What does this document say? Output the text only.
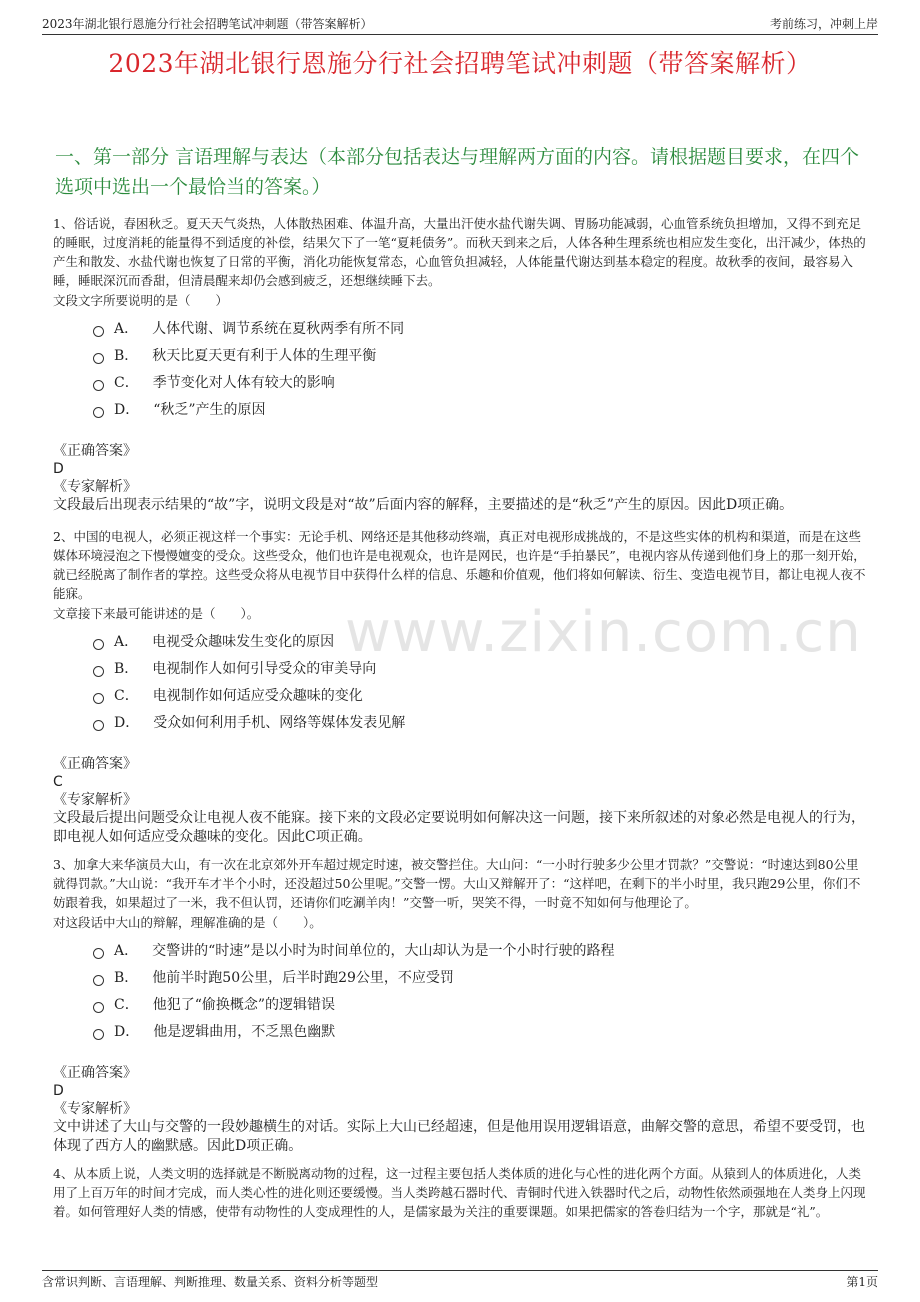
2023年湖北银行恩施分行社会招聘笔试冲刺题（带答案解析）	考前练习，冲刺上岸
2023年湖北银行恩施分行社会招聘笔试冲刺题（带答案解析）
一、第一部分 言语理解与表达（本部分包括表达与理解两方面的内容。请根据题目要求，在四个选项中选出一个最恰当的答案。）
www.zixin.com.cn
1、俗话说，春困秋乏。夏天天气炎热，人体散热困难、体温升高，大量出汗使水盐代谢失调、胃肠功能减弱，心血管系统负担增加，又得不到充足的睡眠，过度消耗的能量得不到适度的补偿，结果欠下了一笔“夏耗债务”。而秋天到来之后，人体各种生理系统也相应发生变化，出汗减少，体热的产生和散发、水盐代谢也恢复了日常的平衡，消化功能恢复常态，心血管负担减轻，人体能量代谢达到基本稳定的程度。故秋季的夜间，最容易入睡，睡眠深沉而香甜，但清晨醒来却仍会感到疲乏，还想继续睡下去。
文段文字所要说明的是（　　）
A． 人体代谢、调节系统在夏秋两季有所不同
B． 秋天比夏天更有利于人体的生理平衡
C． 季节变化对人体有较大的影响
D． “秋乏”产生的原因
《正确答案》
D
《专家解析》
文段最后出现表示结果的“故”字，说明文段是对“故”后面内容的解释，主要描述的是“秋乏”产生的原因。因此D项正确。
2、中国的电视人，必须正视这样一个事实：无论手机、网络还是其他移动终端，真正对电视形成挑战的，不是这些实体的机构和渠道，而是在这些媒体环境浸泡之下慢慢嬗变的受众。这些受众，他们也许是电视观众，也许是网民，也许是“手拍暴民”，电视内容从传递到他们身上的那一刻开始，就已经脱离了制作者的掌控。这些受众将从电视节目中获得什么样的信息、乐趣和价值观，他们将如何解读、衍生、变造电视节目，都让电视人夜不能寐。
文章接下来最可能讲述的是（　　）。
A． 电视受众趣味发生变化的原因
B． 电视制作人如何引导受众的审美导向
C． 电视制作如何适应受众趣味的变化
D． 受众如何利用手机、网络等媒体发表见解
《正确答案》
C
《专家解析》
文段最后提出问题受众让电视人夜不能寐。接下来的文段必定要说明如何解决这一问题，接下来所叙述的对象必然是电视人的行为，即电视人如何适应受众趣味的变化。因此C项正确。
3、加拿大来华演员大山，有一次在北京郊外开车超过规定时速，被交警拦住。大山问：“一小时行驶多少公里才罚款？”交警说：“时速达到80公里就得罚款。”大山说：“我开车才半个小时，还没超过50公里呢。”交警一愣。大山又辩解开了：“这样吧，在剩下的半小时里，我只跑29公里，你们不妨跟着我，如果超过了一米，我不但认罚，还请你们吃涮羊肉！”交警一听，哭笑不得，一时竟不知如何与他理论了。
对这段话中大山的辩解，理解准确的是（　　）。
A． 交警讲的“时速”是以小时为时间单位的，大山却认为是一个小时行驶的路程
B． 他前半时跑50公里，后半时跑29公里，不应受罚
C． 他犯了“偷换概念”的逻辑错误
D． 他是逻辑曲用，不乏黑色幽默
《正确答案》
D
《专家解析》
文中讲述了大山与交警的一段妙趣横生的对话。实际上大山已经超速，但是他用误用逻辑语意，曲解交警的意思，希望不要受罚，也体现了西方人的幽默感。因此D项正确。
4、从本质上说，人类文明的选择就是不断脱离动物的过程，这一过程主要包括人类体质的进化与心性的进化两个方面。从猿到人的体质进化，人类用了上百万年的时间才完成，而人类心性的进化则还要缓慢。当人类跨越石器时代、青铜时代进入铁器时代之后，动物性依然顽强地在人类身上闪现着。如何管理好人类的情感，使带有动物性的人变成理性的人，是儒家最为关注的重要课题。如果把儒家的答卷归结为一个字，那就是“礼”。
含常识判断、言语理解、判断推理、数量关系、资料分析等题型	第1页
